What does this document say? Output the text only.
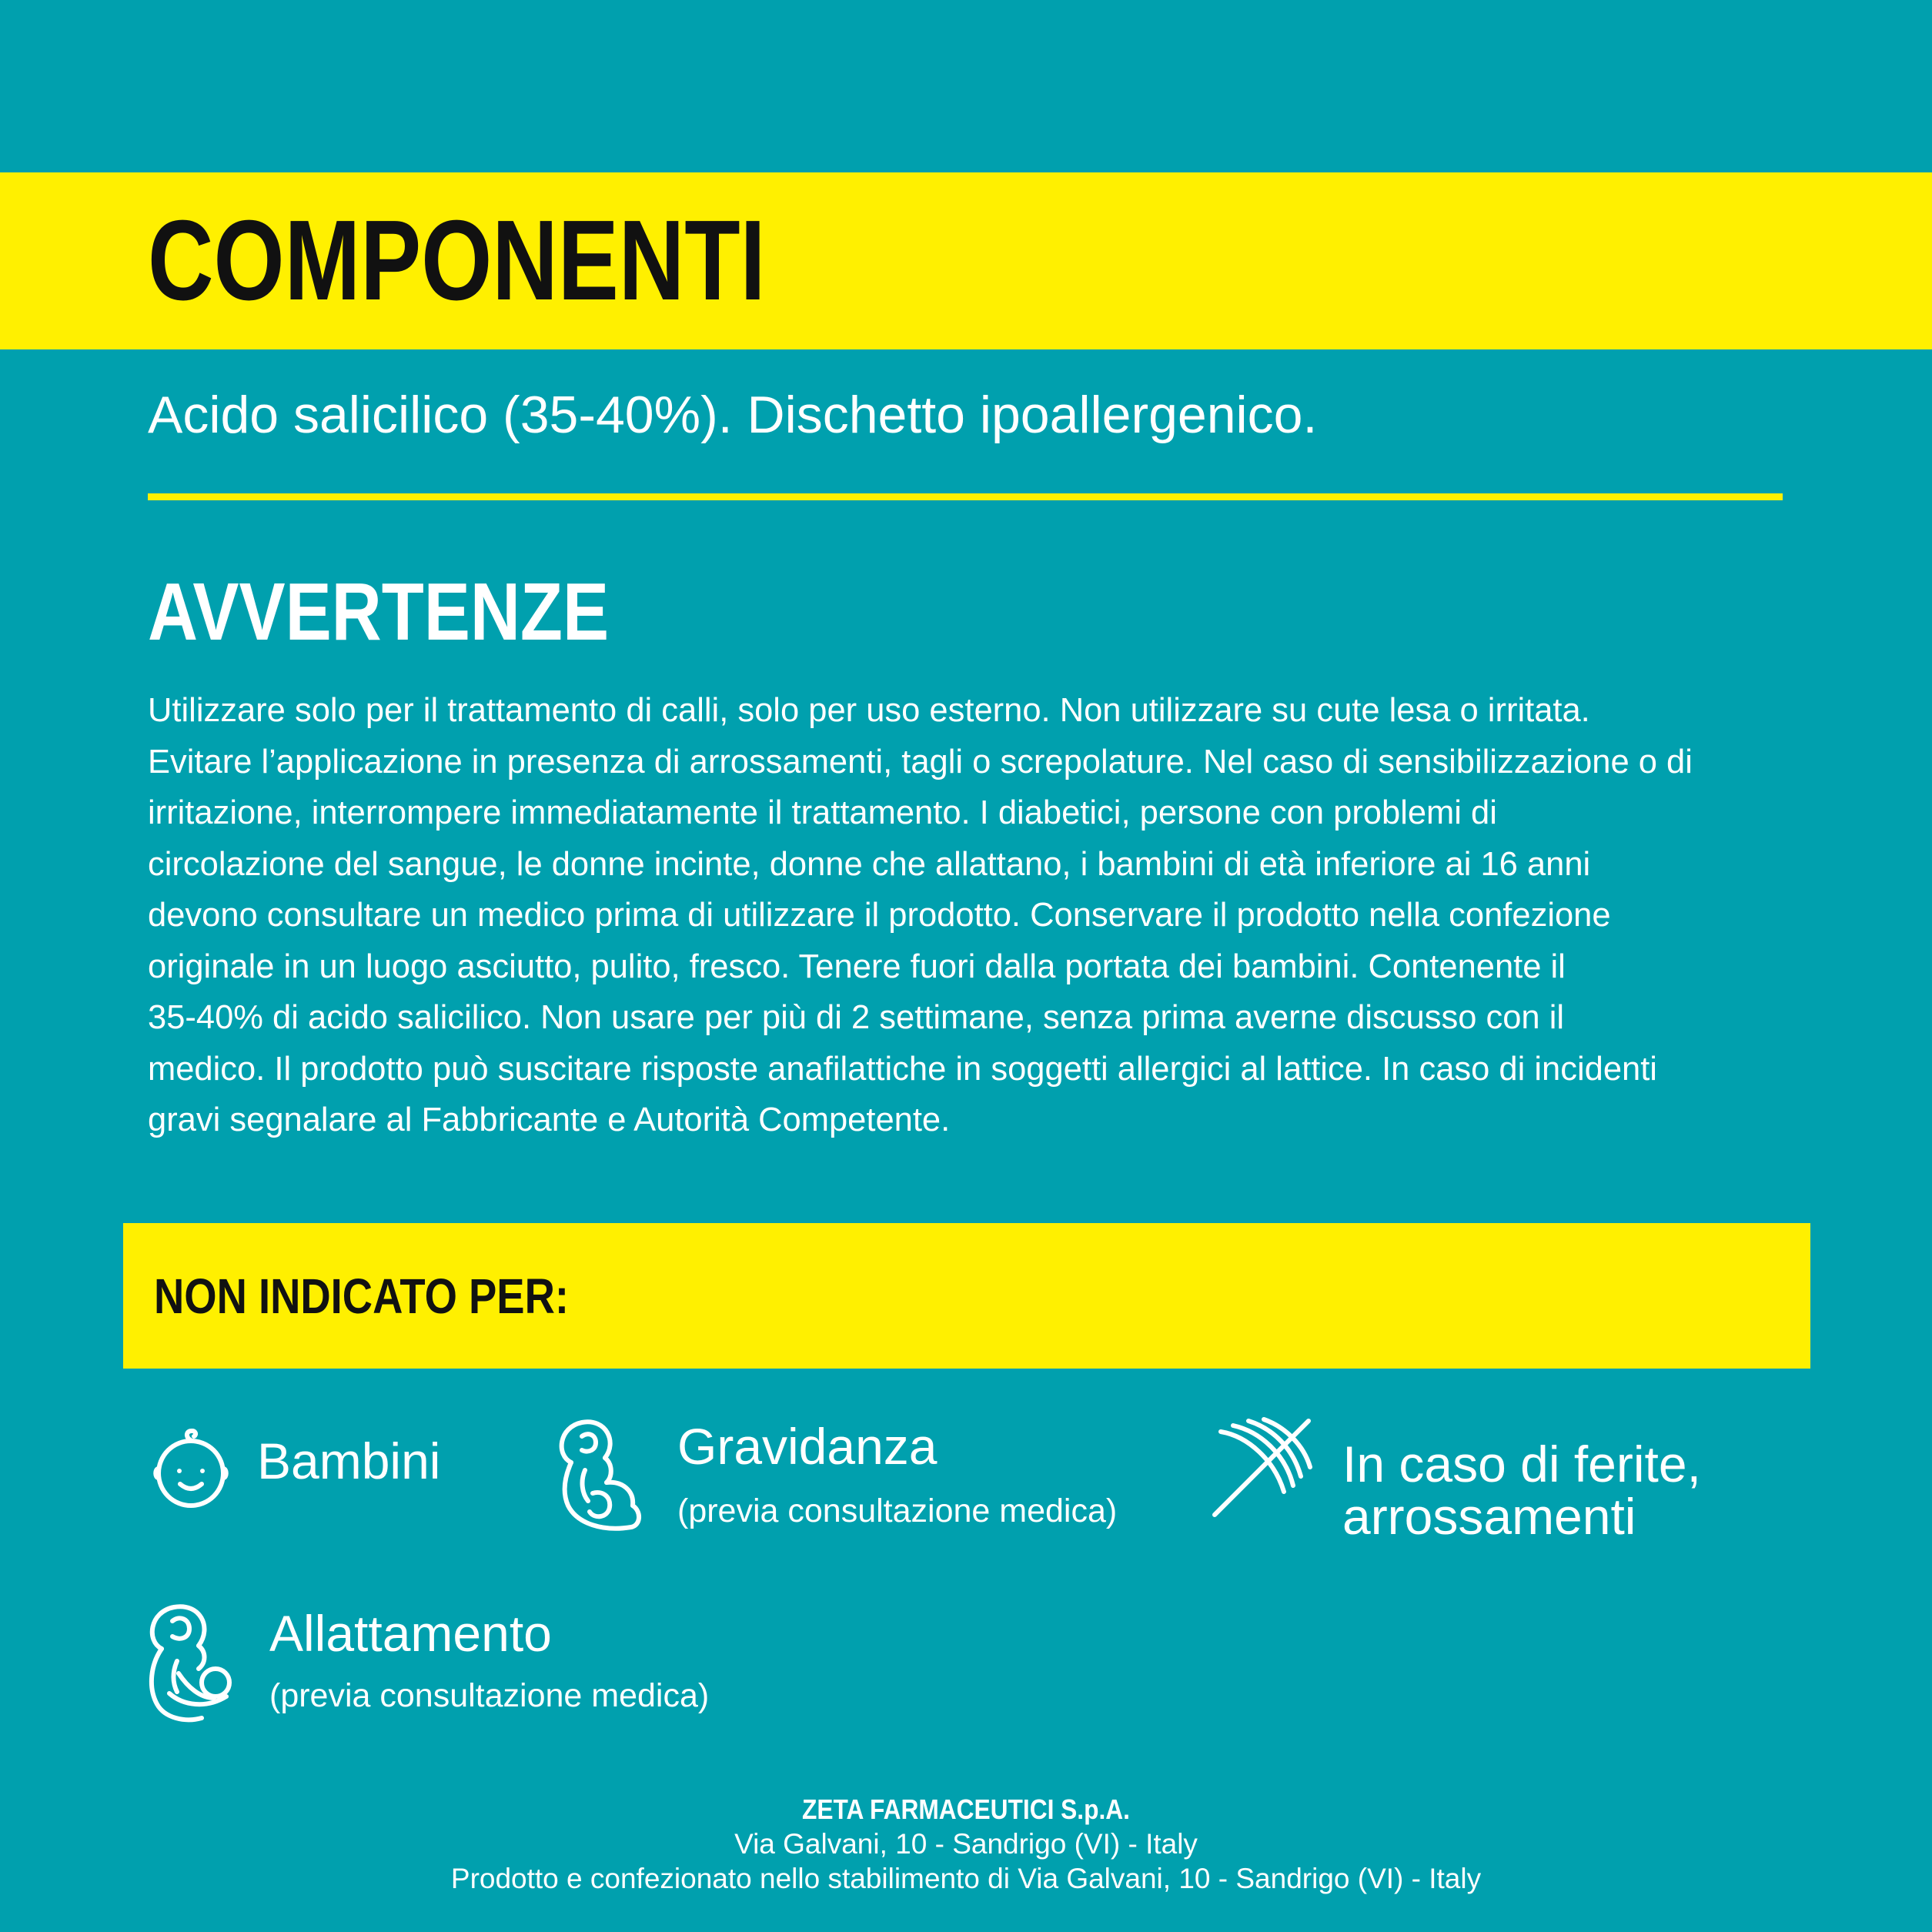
COMPONENTI

Acido salicilico (35-40%). Dischetto ipoallergenico.

AVVERTENZE
Utilizzare solo per il trattamento di calli, solo per uso esterno. Non utilizzare su cute lesa o irritata.
Evitare l’applicazione in presenza di arrossamenti, tagli o screpolature. Nel caso di sensibilizzazione o di
irritazione, interrompere immediatamente il trattamento. I diabetici, persone con problemi di
circolazione del sangue, le donne incinte, donne che allattano, i bambini di età inferiore ai 16 anni
devono consultare un medico prima di utilizzare il prodotto. Conservare il prodotto nella confezione
originale in un luogo asciutto, pulito, fresco. Tenere fuori dalla portata dei bambini. Contenente il
35-40% di acido salicilico. Non usare per più di 2 settimane, senza prima averne discusso con il
medico. Il prodotto può suscitare risposte anafilattiche in soggetti allergici al lattice. In caso di incidenti
gravi segnalare al Fabbricante e Autorità Competente.
NON INDICATO PER:
Bambini	Gravidanza
(previa consultazione medica)
In caso di ferite,
arrossamenti
Allattamento
(previa consultazione medica)

ZETA FARMACEUTICI S.p.A.

Via Galvani, 10 - Sandrigo (VI) - Italy

Prodotto e confezionato nello stabilimento di Via Galvani, 10 - Sandrigo (VI) - Italy
